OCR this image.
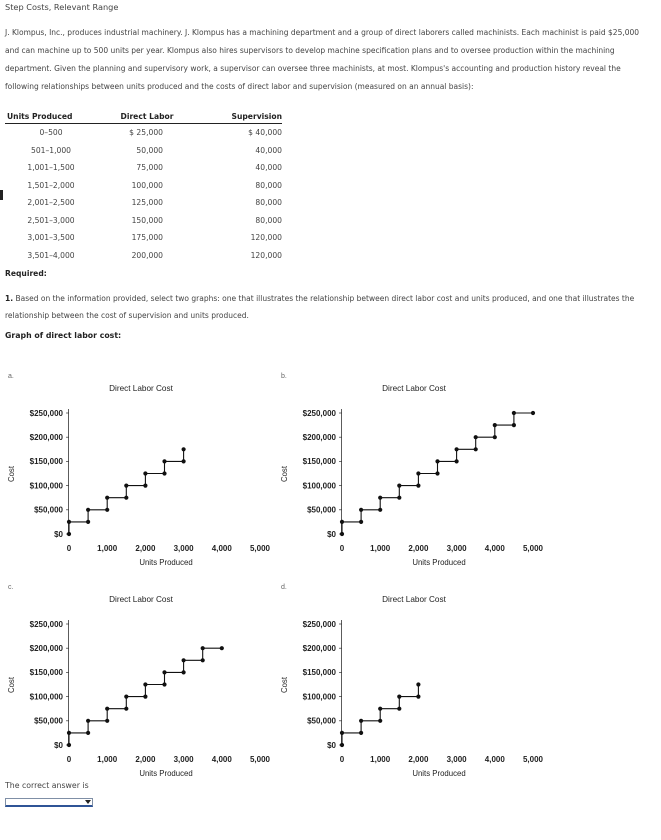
Step Costs, Relevant Range
J. Klompus, Inc., produces industrial machinery. J. Klompus has a machining department and a group of direct laborers called machinists. Each machinist is paid $25,000 and can machine up to 500 units per year. Klompus also hires supervisors to develop machine specification plans and to oversee production within the machining department. Given the planning and supervisory work, a supervisor can oversee three machinists, at most. Klompus's accounting and production history reveal the following relationships between units produced and the costs of direct labor and supervision (measured on an annual basis):
Units Produced	Direct Labor	Supervision
0–500	$ 25,000	$ 40,000
501–1,000	50,000	40,000
1,001–1,500	75,000	40,000
1,501–2,000	100,000	80,000
2,001–2,500	125,000	80,000
2,501–3,000	150,000	80,000
3,001–3,500	175,000	120,000
3,501–4,000	200,000	120,000
Required:
1. Based on the information provided, select two graphs: one that illustrates the relationship between direct labor cost and units produced, and one that illustrates the relationship between the cost of supervision and units produced.
Graph of direct labor cost:
a.
Direct Labor Cost
$0
$50,000
$100,000
$150,000
$200,000
$250,000
0	1,000 2,000 3,000 4,000 5,000
Units Produced
Cost
b.
Direct Labor Cost
$0
$50,000
$100,000
$150,000
$200,000
$250,000
0	1,000 2,000 3,000 4,000 5,000
Units Produced
Cost
c.
Direct Labor Cost
$0
$50,000
$100,000
$150,000
$200,000
$250,000
0	1,000 2,000 3,000 4,000 5,000
Units Produced
Cost
d.
Direct Labor Cost
$0
$50,000
$100,000
$150,000
$200,000
$250,000
0	1,000 2,000 3,000 4,000 5,000
Units Produced
Cost
The correct answer is
